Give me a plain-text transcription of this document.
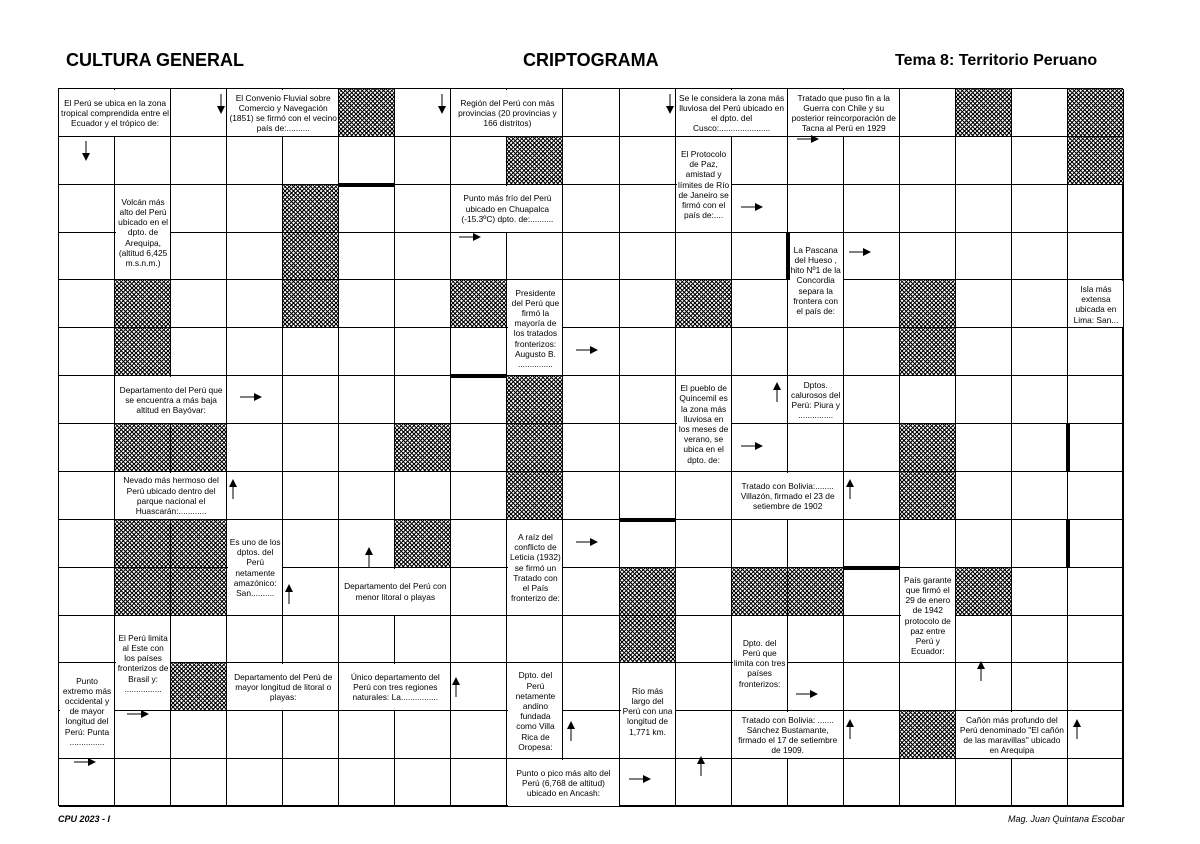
CULTURA GENERAL	CRIPTOGRAMA	Tema 8: Territorio Peruano
El Perú se ubica en la zona tropical comprendida entre el Ecuador y el trópico de:
El Convenio Fluvial sobre Comercio y Navegación (1851) se firmó con el vecino país de:..........
Región del Perú con más provincias (20 provincias y 166 distritos)
Se le considera la zona más lluviosa del Perú ubicado en el dpto. del Cusco:......................
Tratado que puso fin a la Guerra con Chile y su posterior reincorporación de Tacna al Perú en 1929
El Protocolo de Paz, amistad y límites de Río de Janeiro se firmó con el país de:....
Volcán más alto del Perú ubicado en el dpto. de Arequipa, (altitud 6,425 m.s.n.m.)
Punto más frío del Perú ubicado en Chuapalca (-15.3ºC) dpto. de:..........
La Pascana del Hueso , hito Nº1 de la Concordia separa la frontera con el país de:
Presidente del Perú que firmó la mayoría de los tratados fronterizos: Augusto B. ...............
Isla más extensa ubicada en Lima: San...
Departamento del Perú que se encuentra a más baja altitud en Bayóvar:
El pueblo de Quincemil es la zona más lluviosa en los meses de verano, se ubica en el dpto. de:
Dptos. calurosos del Perú: Piura y ...............
Nevado más hermoso del Perú ubicado dentro del parque nacional el Huascarán:............
Tratado con Bolivia:........ Villazón, firmado el 23 de setiembre de 1902
Es uno de los dptos. del Perú netamente amazónico: San..........
A raíz del conflicto de Leticia (1932) se firmó un Tratado con el País fronterizo de:
Departamento del Perú con menor litoral o playas
País garante que firmó el 29 de enero de 1942 protocolo de paz entre Perú y Ecuador:
El Perú limita al Este con los países fronterizos de Brasil y: ................
Dpto. del Perú que limita con tres países fronterizos:
Punto extremo más occidental y de mayor longitud del Perú: Punta ...............
Departamento del Perú de mayor longitud de litoral o playas:
Único departamento del Perú con tres regiones naturales: La................
Dpto. del Perú netamente andino fundada como Villa Rica de Oropesa:
Río más largo del Perú con una longitud de 1,771 km.
Tratado con Bolivia: ....... Sánchez Bustamante, firmado el 17 de setiembre de 1909.
Cañón más profundo del Perú denominado "El cañón de las maravillas" ubicado en Arequipa
Punto o pico más alto del Perú (6,768 de altitud) ubicado en Ancash:
CPU 2023 - I	Mag. Juan Quintana Escobar
